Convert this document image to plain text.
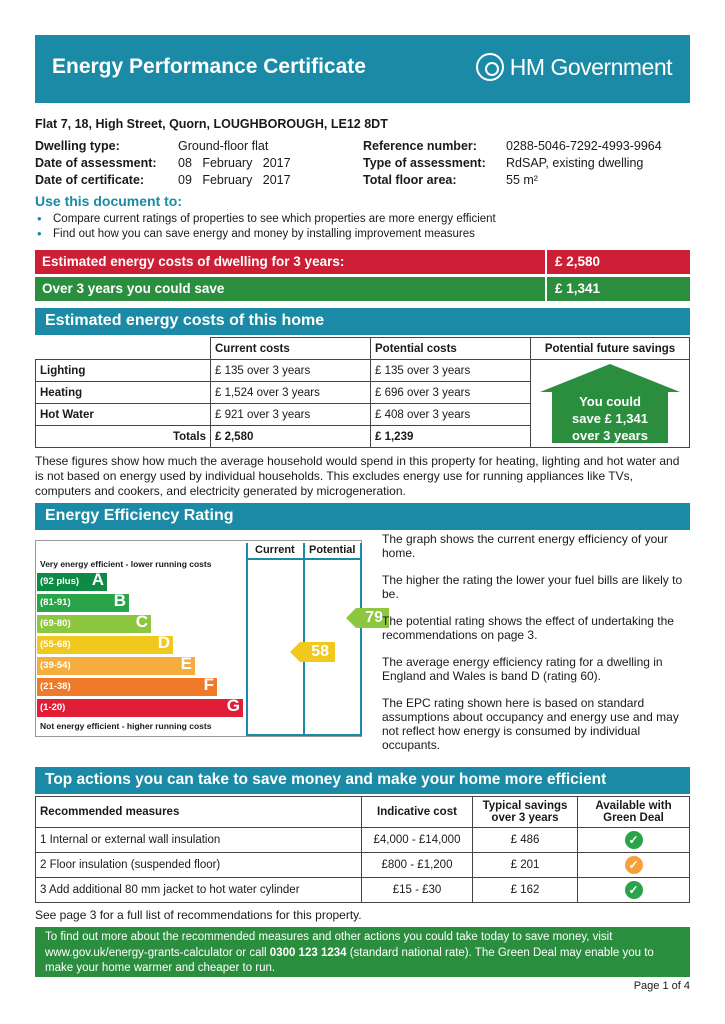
Energy Performance Certificate	HM Government
Flat 7, 18, High Street, Quorn, LOUGHBOROUGH, LE12 8DT
Dwelling type:	Ground-floor flat
Date of assessment:	08   February   2017
Date of certificate:	09   February   2017
Reference number:	0288-5046-7292-4993-9964
Type of assessment:	RdSAP, existing dwelling
Total floor area:	55 m²
Use this document to:
• Compare current ratings of properties to see which properties are more energy efficient
• Find out how you can save energy and money by installing improvement measures
Estimated energy costs of dwelling for 3 years:	£ 2,580
Over 3 years you could save	£ 1,341
Estimated energy costs of this home
	Current costs	Potential costs	Potential future savings
Lighting	£ 135 over 3 years	£ 135 over 3 years	You could
save £ 1,341
over 3 years

Heating	£ 1,524 over 3 years	£ 696 over 3 years	
Hot Water	£ 921 over 3 years	£ 408 over 3 years	
Totals	£ 2,580	£ 1,239	
These figures show how much the average household would spend in this property for heating, lighting and hot water and is not based on energy used by individual households. This excludes energy use for running appliances like TVs, computers and cookers, and electricity generated by microgeneration.
Energy Efficiency Rating
Current Potential
Very energy efficient - lower running costs
Not energy efficient - higher running costs
(92 plus) A
(81-91)	B
(69-80)	C
(55-68)	D
(39-54)	E
(21-38)	F
(1-20)	G
79
58

The graph shows the current energy efficiency of your home.

The higher the rating the lower your fuel bills are likely to be.

The potential rating shows the effect of undertaking the recommendations on page 3.

The average energy efficiency rating for a dwelling in England and Wales is band D (rating 60).

The EPC rating shown here is based on standard assumptions about occupancy and energy use and may not reflect how energy is consumed by individual occupants.

Top actions you can take to save money and make your home more efficient
Recommended measures	Indicative cost	Typical savings over 3 years	Available with Green Deal
1 Internal or external wall insulation	£4,000 - £14,000	£ 486	✓
2 Floor insulation (suspended floor)	£800 - £1,200	£ 201	✓
3 Add additional 80 mm jacket to hot water cylinder	£15 - £30	£ 162	✓
See page 3 for a full list of recommendations for this property.
To find out more about the recommended measures and other actions you could take today to save money, visit www.gov.uk/energy-grants-calculator or call 0300 123 1234 (standard national rate). The Green Deal may enable you to make your home warmer and cheaper to run.
Page 1 of 4
